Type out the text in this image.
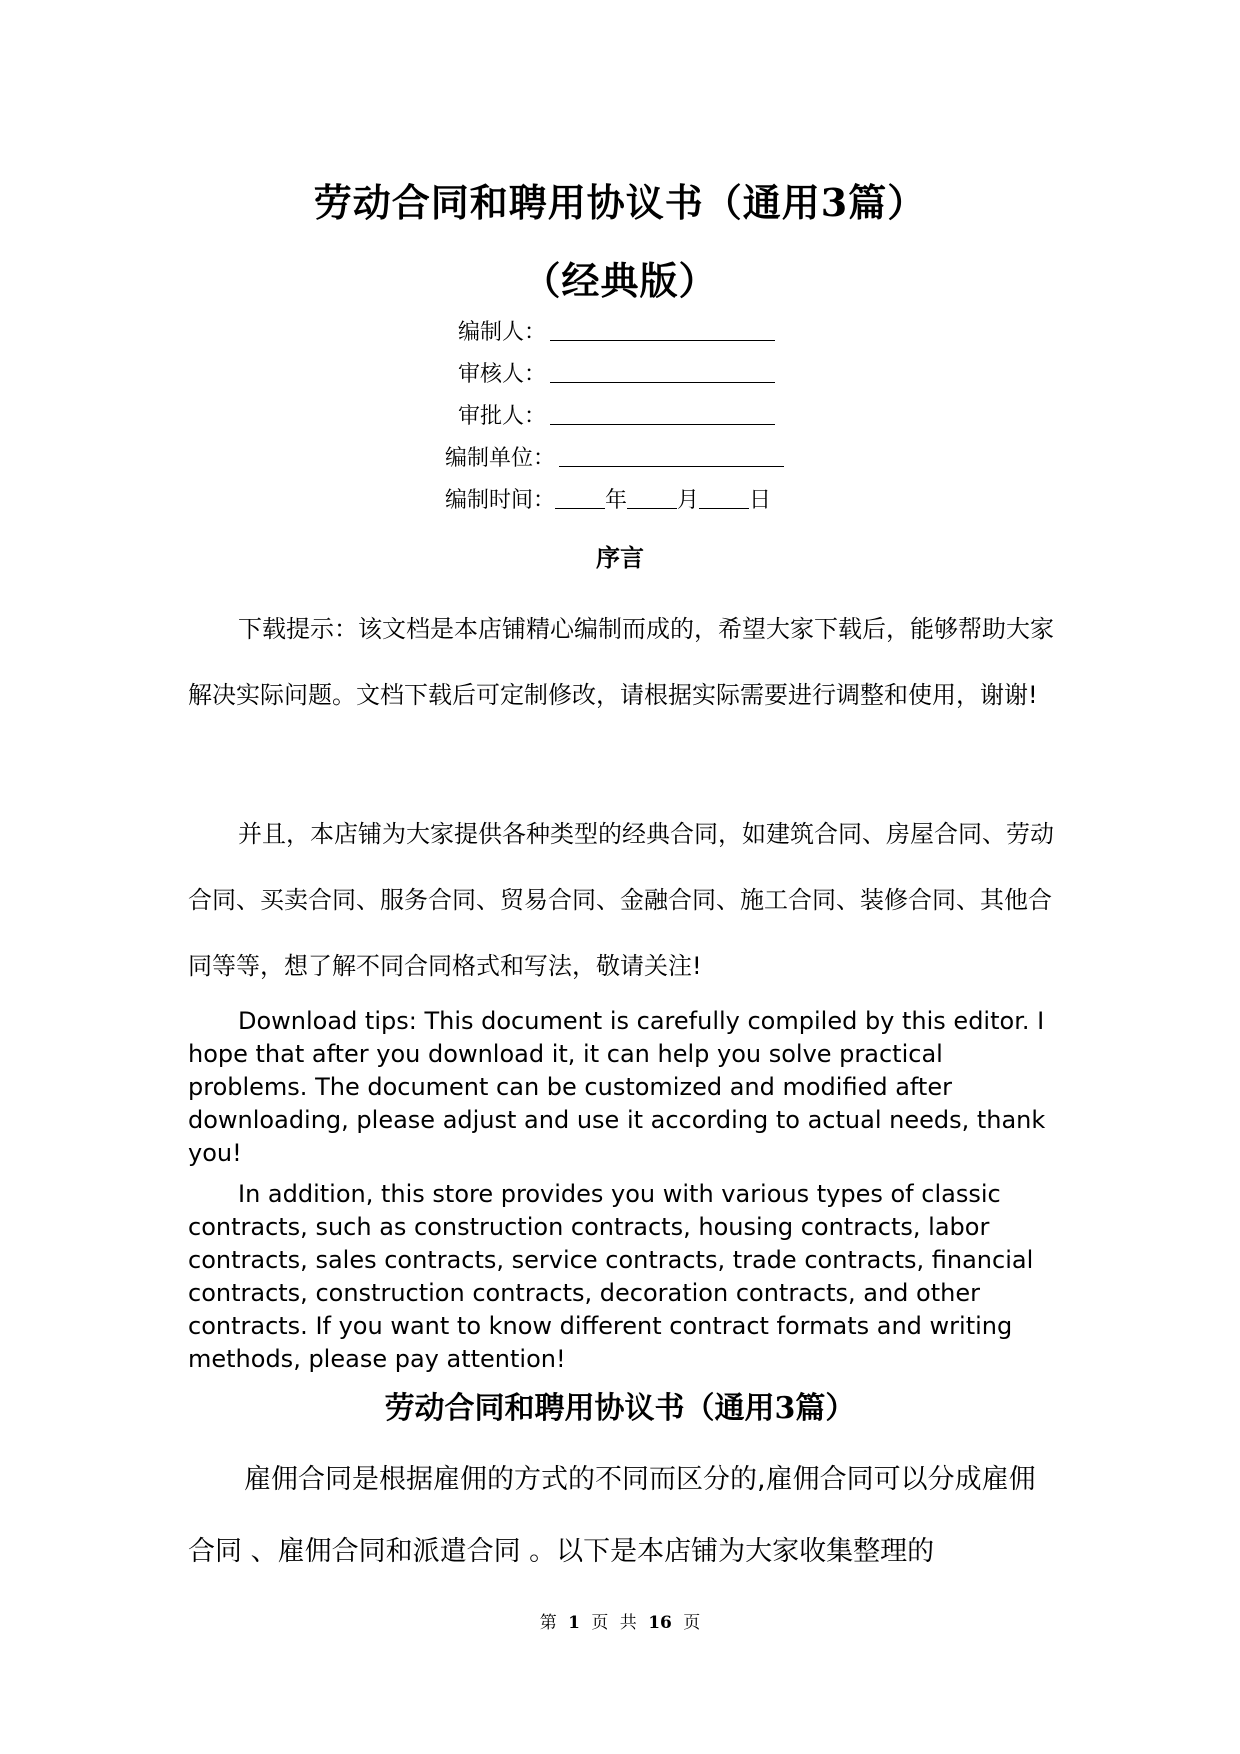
劳动合同和聘用协议书（通用3篇）
（经典版）
编制人：
审核人：
审批人：
编制单位：
编制时间： 年 月 日
序言

下载提示：该文档是本店铺精心编制而成的，希望大家下载后，能够帮助大家解决实际问题。文档下载后可定制修改，请根据实际需要进行调整和使用，谢谢!

并且，本店铺为大家提供各种类型的经典合同，如建筑合同、房屋合同、劳动合同、买卖合同、服务合同、贸易合同、金融合同、施工合同、装修合同、其他合同等等，想了解不同合同格式和写法，敬请关注!

Download tips: This document is carefully compiled by this editor. I hope that after you download it, it can help you solve practical problems. The document can be customized and modified after downloading, please adjust and use it according to actual needs, thank you!

In addition, this store provides you with various types of classic contracts, such as construction contracts, housing contracts, labor contracts, sales contracts, service contracts, trade contracts, financial contracts, construction contracts, decoration contracts, and other contracts. If you want to know different contract formats and writing methods, please pay attention!

劳动合同和聘用协议书（通用3篇）

雇佣合同是根据雇佣的方式的不同而区分的,雇佣合同可以分成雇佣合同 、雇佣合同和派遣合同 。以下是本店铺为大家收集整理的

第 1 页 共 16 页
